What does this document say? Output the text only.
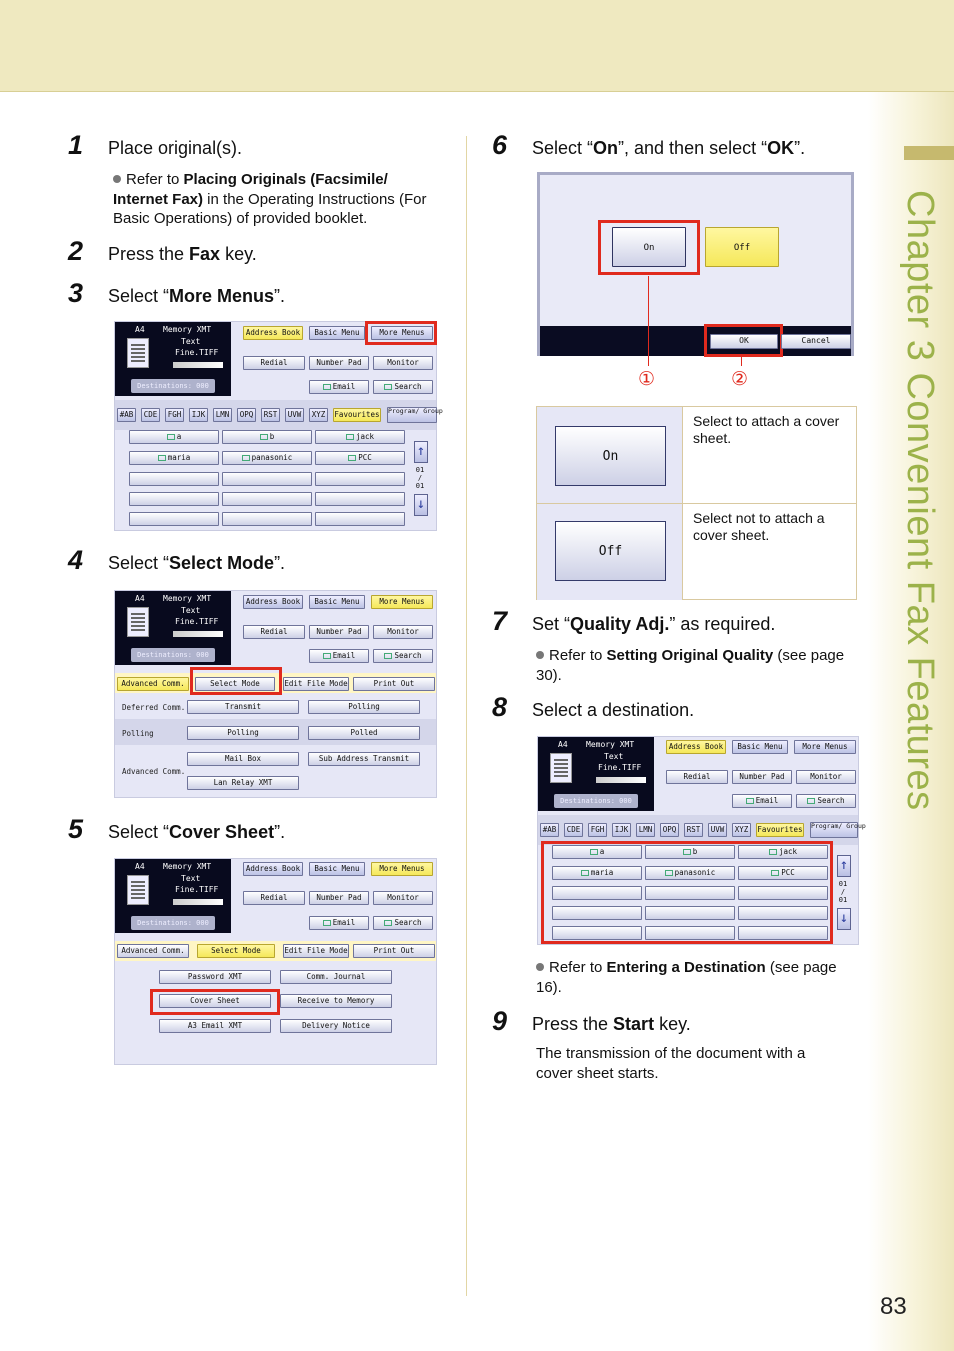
Chapter 3 Convenient Fax Features
83
1	Place original(s).
Refer to Placing Originals (Facsimile/ Internet Fax) in the Operating Instructions (For Basic Operations) of provided booklet.
2	Press the Fax key.
3	Select “More Menus”.
A4 Memory XMT
Text
Fine.TIFF
Destinations: 000
Address Book	Basic Menu	More Menus
Redial	Number Pad	Monitor
Email	Search
#AB	CDE	FGH	IJK	LMN	OPQ	RST	UVW	XYZ	Favourites Program/ Group
a	b	jack
maria	panasonic	PCC	↑
01
/
01
↓
4	Select “Select Mode”.
A4 Memory XMT
Text
Fine.TIFF
Destinations: 000
Address Book	Basic Menu	More Menus
Redial	Number Pad	Monitor
Email	Search
Advanced Comm.	Select Mode	Edit File Mode	Print Out
Deferred Comm.	Transmit	Polling
Polling	Polling	Polled
Advanced Comm.
Mail Box	Sub Address Transmit
Lan Relay XMT
5	Select “Cover Sheet”.
A4 Memory XMT
Text
Fine.TIFF
Destinations: 000
Address Book	Basic Menu	More Menus
Redial	Number Pad	Monitor
Email	Search
Advanced Comm.	Select Mode	Edit File Mode	Print Out
Password XMT	Comm. Journal
Cover Sheet	Receive to Memory
A3 Email XMT	Delivery Notice
6	Select “On”, and then select “OK”.
On	Off
OK	Cancel
①	②
On
Select to attach a cover sheet.
Off
Select not to attach a cover sheet.
7	Set “Quality Adj.” as required.
Refer to Setting Original Quality (see page 30).
8	Select a destination.
A4 Memory XMT
Text
Fine.TIFF
Destinations: 000
Address Book	Basic Menu	More Menus
Redial	Number Pad	Monitor
Email	Search
#AB	CDE	FGH	IJK	LMN	OPQ	RST	UVW	XYZ	Favourites Program/ Group
a	b	jack
maria	panasonic	PCC	↑
01
/
01
↓
Refer to Entering a Destination (see page 16).
9	Press the Start key.
The transmission of the document with a cover sheet starts.
